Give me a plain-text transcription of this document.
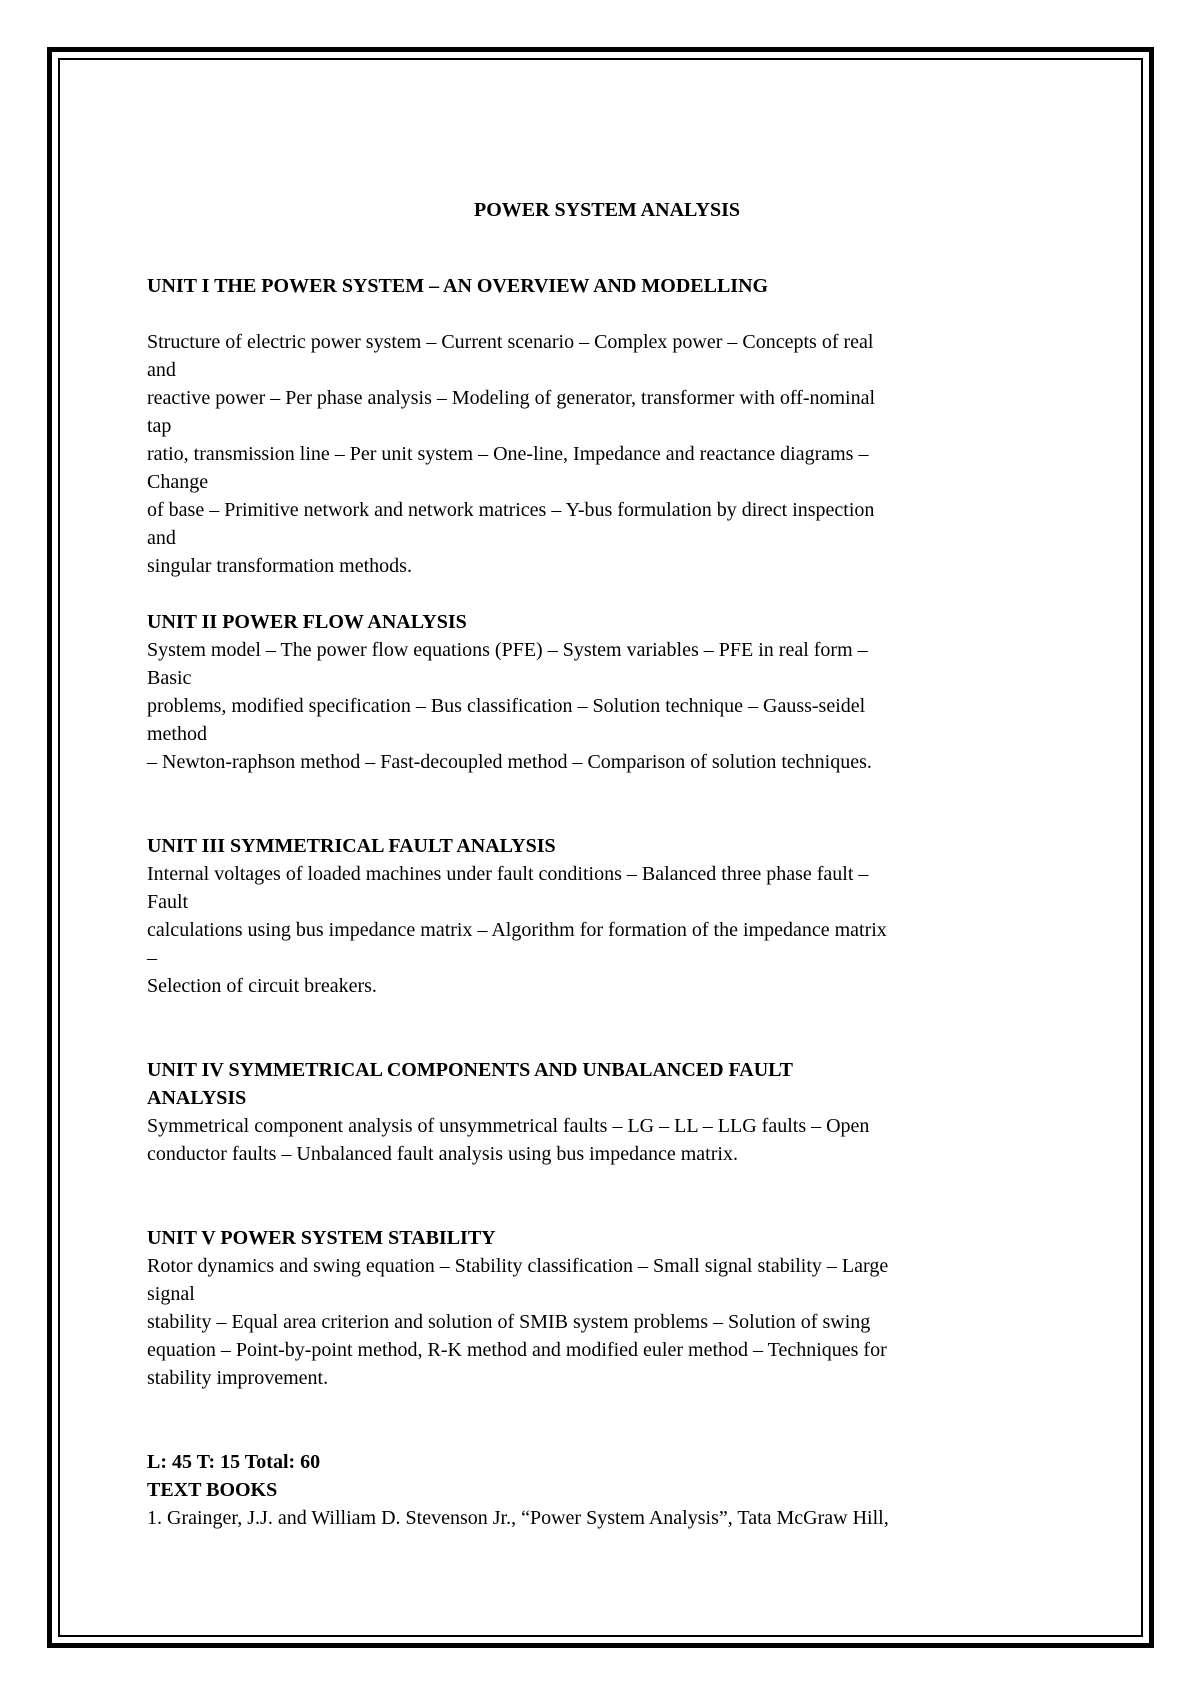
POWER SYSTEM ANALYSIS

UNIT I THE POWER SYSTEM – AN OVERVIEW AND MODELLING

Structure of electric power system – Current scenario – Complex power – Concepts of real

and

reactive power – Per phase analysis – Modeling of generator, transformer with off-nominal

tap

ratio, transmission line – Per unit system – One-line, Impedance and reactance diagrams –

Change

of base – Primitive network and network matrices – Y-bus formulation by direct inspection

and

singular transformation methods.

UNIT II POWER FLOW ANALYSIS

System model – The power flow equations (PFE) – System variables – PFE in real form –

Basic

problems, modified specification – Bus classification – Solution technique – Gauss-seidel

method

– Newton-raphson method – Fast-decoupled method – Comparison of solution techniques.

UNIT III SYMMETRICAL FAULT ANALYSIS

Internal voltages of loaded machines under fault conditions – Balanced three phase fault –

Fault

calculations using bus impedance matrix – Algorithm for formation of the impedance matrix

–

Selection of circuit breakers.

UNIT IV SYMMETRICAL COMPONENTS AND UNBALANCED FAULT

ANALYSIS

Symmetrical component analysis of unsymmetrical faults – LG – LL – LLG faults – Open

conductor faults – Unbalanced fault analysis using bus impedance matrix.

UNIT V POWER SYSTEM STABILITY

Rotor dynamics and swing equation – Stability classification – Small signal stability – Large

signal

stability – Equal area criterion and solution of SMIB system problems – Solution of swing

equation – Point-by-point method, R-K method and modified euler method – Techniques for

stability improvement.

L: 45 T: 15 Total: 60

TEXT BOOKS

1. Grainger, J.J. and William D. Stevenson Jr., “Power System Analysis”, Tata McGraw Hill,
